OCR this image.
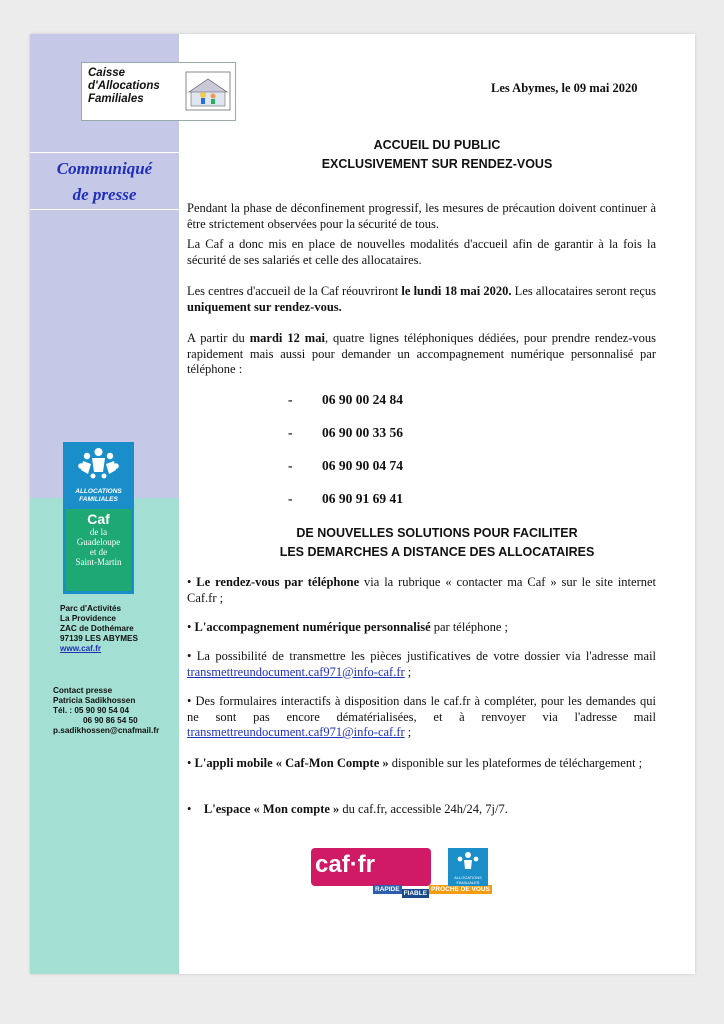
Caisse
d'Allocations
Familiales
Communiqué
de presse
ALLOCATIONS
FAMILIALES
Caf
de la
Guadeloupe
et de
Saint-Martin
Parc d'Activités
La Providence
ZAC de Dothémare
97139 LES ABYMES
www.caf.fr
Contact presse
Patricia Sadikhossen
Tél. : 05 90 90 54 04
06 90 86 54 50
p.sadikhossen@cnafmail.fr
Les Abymes, le 09 mai 2020
ACCUEIL DU PUBLIC
EXCLUSIVEMENT SUR RENDEZ-VOUS
Pendant la phase de déconfinement progressif, les mesures de précaution doivent continuer à être strictement observées pour la sécurité de tous.
La Caf a donc mis en place de nouvelles modalités d'accueil afin de garantir à la fois la sécurité de ses salariés et celle des allocataires.
Les centres d'accueil de la Caf réouvriront le lundi 18 mai 2020. Les allocataires seront reçus uniquement sur rendez-vous.
A partir du mardi 12 mai, quatre lignes téléphoniques dédiées, pour prendre rendez-vous rapidement mais aussi pour demander un accompagnement numérique personnalisé par téléphone :
- 06 90 00 24 84
- 06 90 00 33 56
- 06 90 90 04 74
- 06 90 91 69 41
DE NOUVELLES SOLUTIONS POUR FACILITER
LES DEMARCHES A DISTANCE DES ALLOCATAIRES
• Le rendez-vous par téléphone via la rubrique « contacter ma Caf » sur le site internet Caf.fr ;
• L'accompagnement numérique personnalisé par téléphone ;
• La possibilité de transmettre les pièces justificatives de votre dossier via l'adresse mail transmettreundocument.caf971@info-caf.fr ;
• Des formulaires interactifs à disposition dans le caf.fr à compléter, pour les demandes qui ne sont pas encore dématérialisées, et à renvoyer via l'adresse mail transmettreundocument.caf971@info-caf.fr ;
• L'appli mobile « Caf-Mon Compte » disponible sur les plateformes de téléchargement ;
• L'espace « Mon compte » du caf.fr, accessible 24h/24, 7j/7.
caf·fr
RAPIDEFIABLEPROCHE DE VOUS
ALLOCATIONS FAMILIALES
